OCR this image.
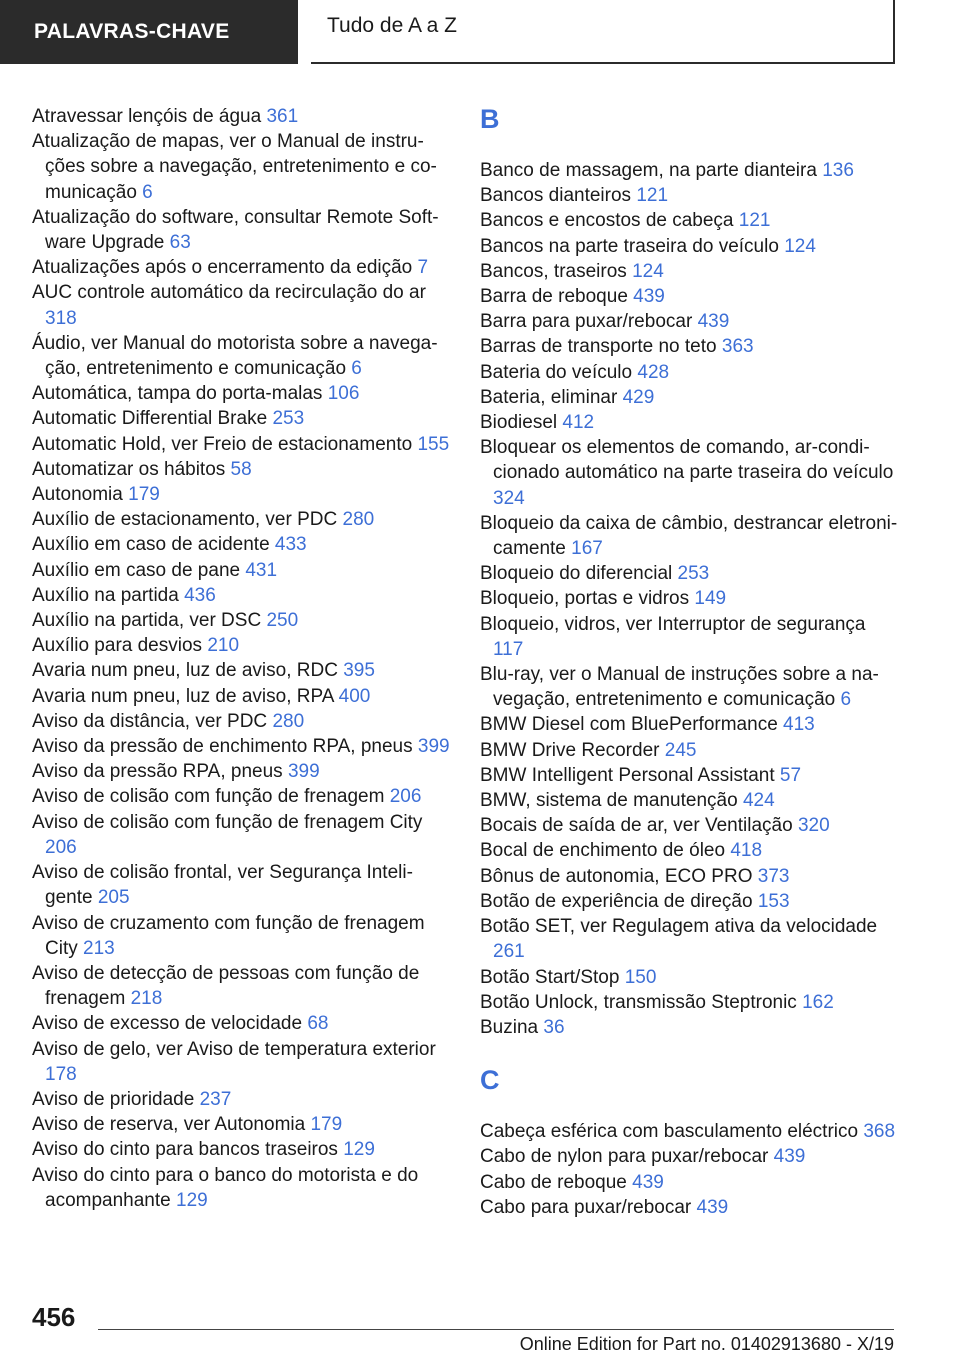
PALAVRAS-CHAVE	Tudo de A a Z
Atravessar lençóis de água 361
Atualização de mapas, ver o Manual de instruções sobre a navegação, entretenimento e comunicação 6
Atualização do software, consultar Remote Software Upgrade 63
Atualizações após o encerramento da edição 7
AUC controle automático da recirculação do ar 318
Áudio, ver Manual do motorista sobre a navegação, entretenimento e comunicação 6
Automática, tampa do porta-malas 106
Automatic Differential Brake 253
Automatic Hold, ver Freio de estacionamento 155
Automatizar os hábitos 58
Autonomia 179
Auxílio de estacionamento, ver PDC 280
Auxílio em caso de acidente 433
Auxílio em caso de pane 431
Auxílio na partida 436
Auxílio na partida, ver DSC 250
Auxílio para desvios 210
Avaria num pneu, luz de aviso, RDC 395
Avaria num pneu, luz de aviso, RPA 400
Aviso da distância, ver PDC 280
Aviso da pressão de enchimento RPA, pneus 399
Aviso da pressão RPA, pneus 399
Aviso de colisão com função de frenagem 206
Aviso de colisão com função de frenagem City 206
Aviso de colisão frontal, ver Segurança Inteligente 205
Aviso de cruzamento com função de frenagem City 213
Aviso de detecção de pessoas com função de frenagem 218
Aviso de excesso de velocidade 68
Aviso de gelo, ver Aviso de temperatura exterior 178
Aviso de prioridade 237
Aviso de reserva, ver Autonomia 179
Aviso do cinto para bancos traseiros 129
Aviso do cinto para o banco do motorista e do acompanhante 129
B
Banco de massagem, na parte dianteira 136
Bancos dianteiros 121
Bancos e encostos de cabeça 121
Bancos na parte traseira do veículo 124
Bancos, traseiros 124
Barra de reboque 439
Barra para puxar/rebocar 439
Barras de transporte no teto 363
Bateria do veículo 428
Bateria, eliminar 429
Biodiesel 412
Bloquear os elementos de comando, ar-condicionado automático na parte traseira do veículo 324
Bloqueio da caixa de câmbio, destrancar eletronicamente 167
Bloqueio do diferencial 253
Bloqueio, portas e vidros 149
Bloqueio, vidros, ver Interruptor de segurança 117
Blu-ray, ver o Manual de instruções sobre a navegação, entretenimento e comunicação 6
BMW Diesel com BluePerformance 413
BMW Drive Recorder 245
BMW Intelligent Personal Assistant 57
BMW, sistema de manutenção 424
Bocais de saída de ar, ver Ventilação 320
Bocal de enchimento de óleo 418
Bônus de autonomia, ECO PRO 373
Botão de experiência de direção 153
Botão SET, ver Regulagem ativa da velocidade 261
Botão Start/Stop 150
Botão Unlock, transmissão Steptronic 162
Buzina 36
C
Cabeça esférica com basculamento eléctrico 368
Cabo de nylon para puxar/rebocar 439
Cabo de reboque 439
Cabo para puxar/rebocar 439
456
Online Edition for Part no. 01402913680 - X/19
